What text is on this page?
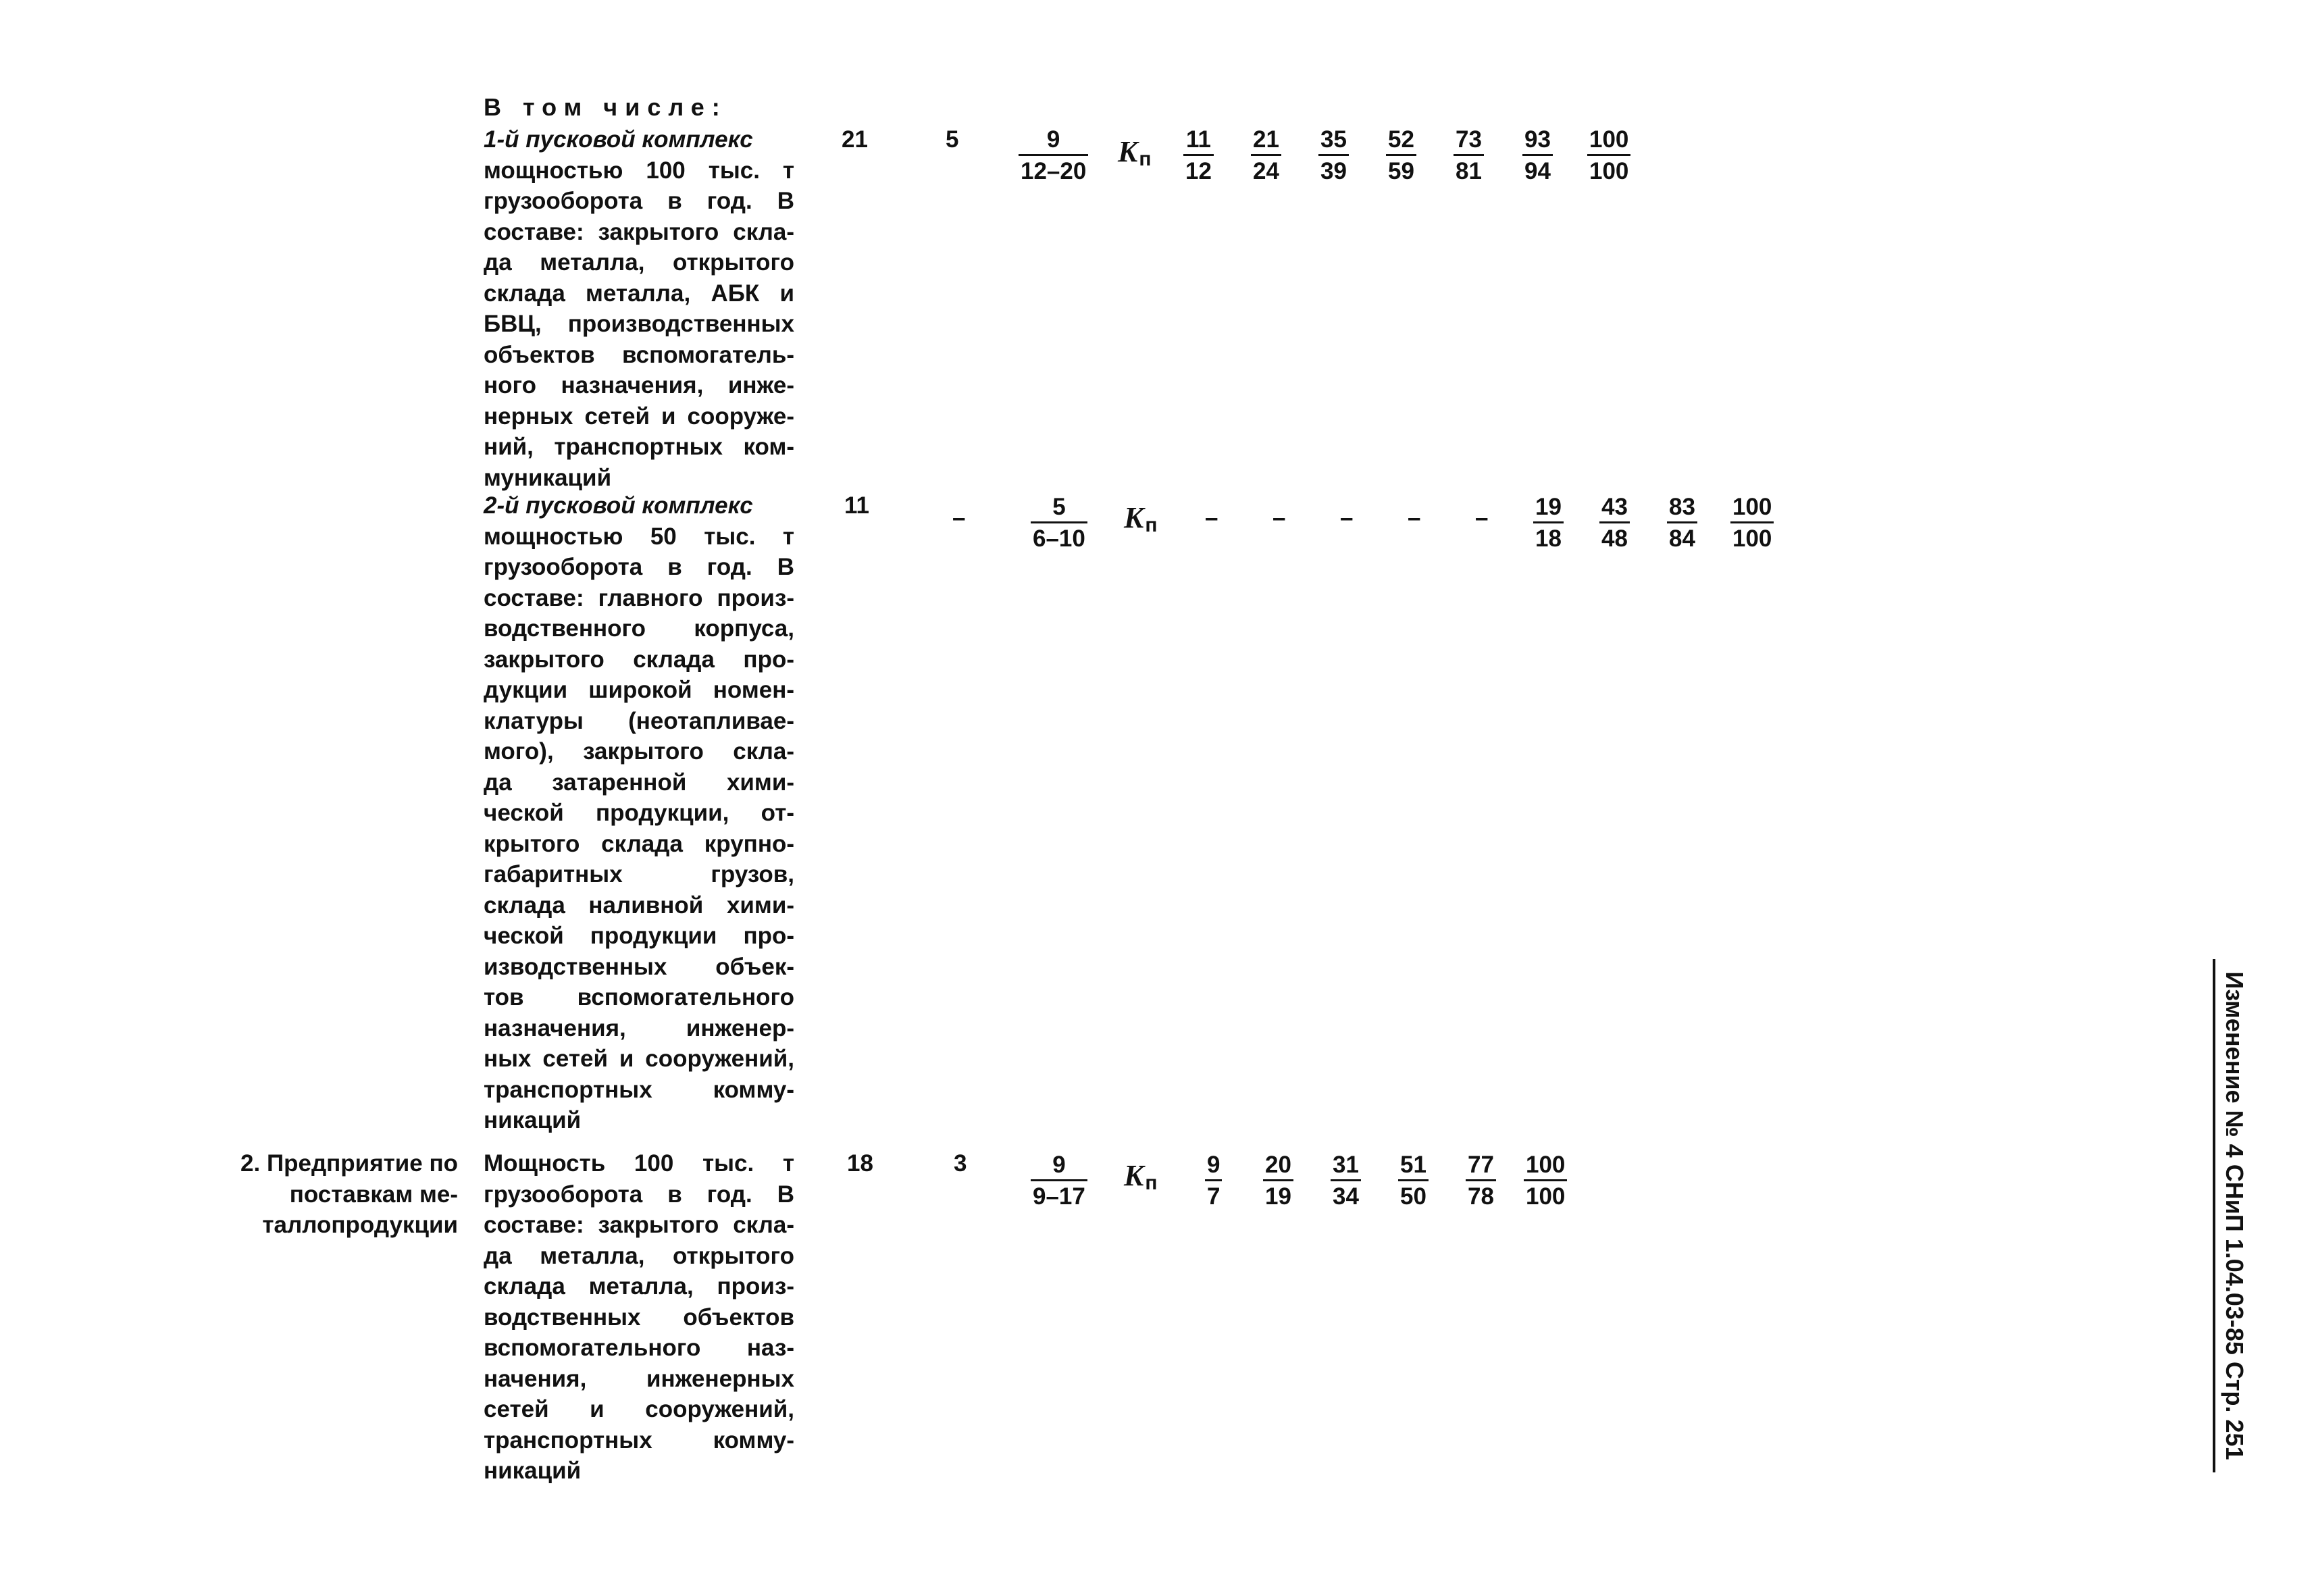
В том числе:
1-й пусковой комплекс

мощностью 100 тыс. т
грузооборота в год. В
составе: закрытого скла-
да металла, открытого
склада металла, АБК и
БВЦ, производственных
объектов вспомогатель-
ного назначения, инже-
нерных сетей и сооруже-
ний, транспортных ком-
муникаций

21	5	$\frac{9}{12-20}$ Kп $\frac{11}{12} \frac{21}{24} \frac{35}{39} \frac{52}{59} \frac{73}{81} \frac{93}{94} \frac{100}{100}$
2-й пусковой комплекс

мощностью 50 тыс. т
грузооборота в год. В
составе: главного произ-
водственного корпуса,
закрытого склада про-
дукции широкой номен-
клатуры (неотапливае-
мого), закрытого скла-
да затаренной хими-
ческой продукции, от-
крытого склада крупно-
габаритных грузов,
склада наливной хими-
ческой продукции про-
изводственных объек-
тов вспомогательного
назначения, инженер-
ных сетей и сооружений,
транспортных комму-
никаций

11	–	$\frac{5}{6-10}$ Kп – – – – – $\frac{19}{18} \frac{43}{48} \frac{83}{84} \frac{100}{100}$
2. Предприятие по
поставкам ме-
таллопродукции

Мощность 100 тыс. т
грузооборота в год. В
составе: закрытого скла-
да металла, открытого
склада металла, произ-
водственных объектов
вспомогательного наз-
начения, инженерных
сетей и сооружений,
транспортных комму-
никаций

18	3	$\frac{9}{9-17}$ Kп $\frac{9}{7} \frac{20}{19} \frac{31}{34} \frac{51}{50} \frac{77}{78} \frac{100}{100}$	Изменение № 4 СНиП 1.04.03-85 Стр. 251
